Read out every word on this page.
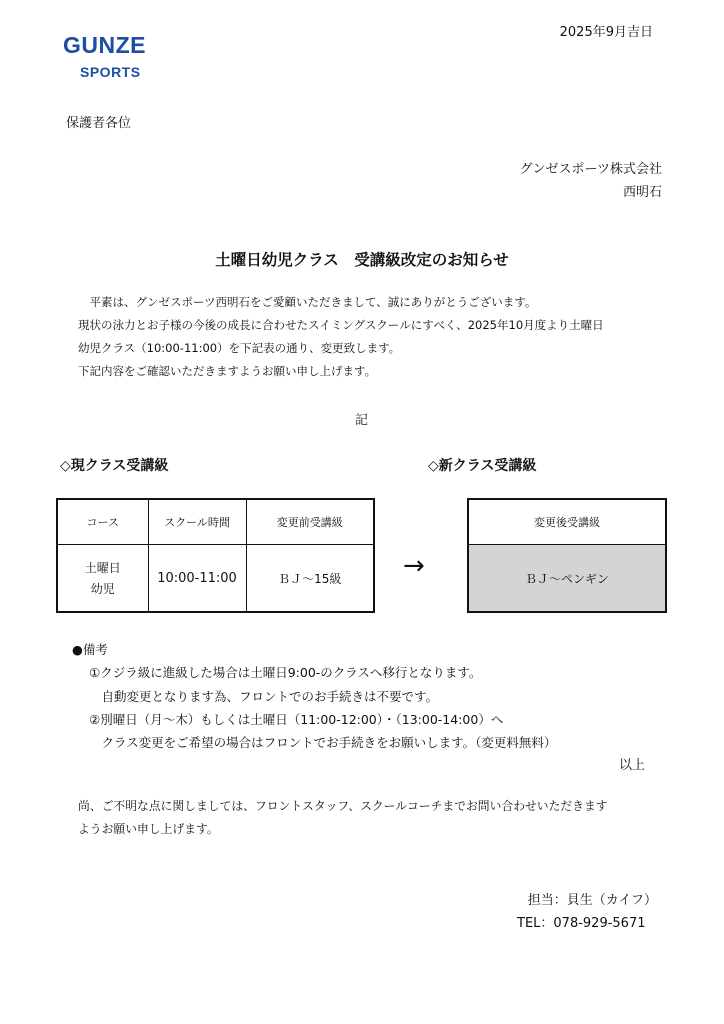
GUNZE
SPORTS
2025年9月吉日
保護者各位
グンゼスポーツ株式会社
西明石
土曜日幼児クラス　受講級改定のお知らせ
　平素は、グンゼスポーツ西明石をご愛顧いただきまして、誠にありがとうございます。
現状の泳力とお子様の今後の成長に合わせたスイミングスクールにすべく、2025年10月度より土曜日
幼児クラス（10:00-11:00）を下記表の通り、変更致します。
下記内容をご確認いただきますようお願い申し上げます。
記
◇現クラス受講級	◇新クラス受講級
コース	スクール時間	変更前受講級

土曜日
幼児	10:00-11:00	ＢＪ～15級 →
変更後受講級
ＢＪ～ペンギン
●備考
①クジラ級に進級した場合は土曜日9:00-のクラスへ移行となります。
　自動変更となります為、フロントでのお手続きは不要です。
②別曜日（月～木）もしくは土曜日（11:00-12:00）・（13:00-14:00）へ
　クラス変更をご希望の場合はフロントでお手続きをお願いします。（変更料無料）
以上
尚、ご不明な点に関しましては、フロントスタッフ、スクールコーチまでお問い合わせいただきます
ようお願い申し上げます。
担当：貝生（カイフ）
TEL：078-929-5671
